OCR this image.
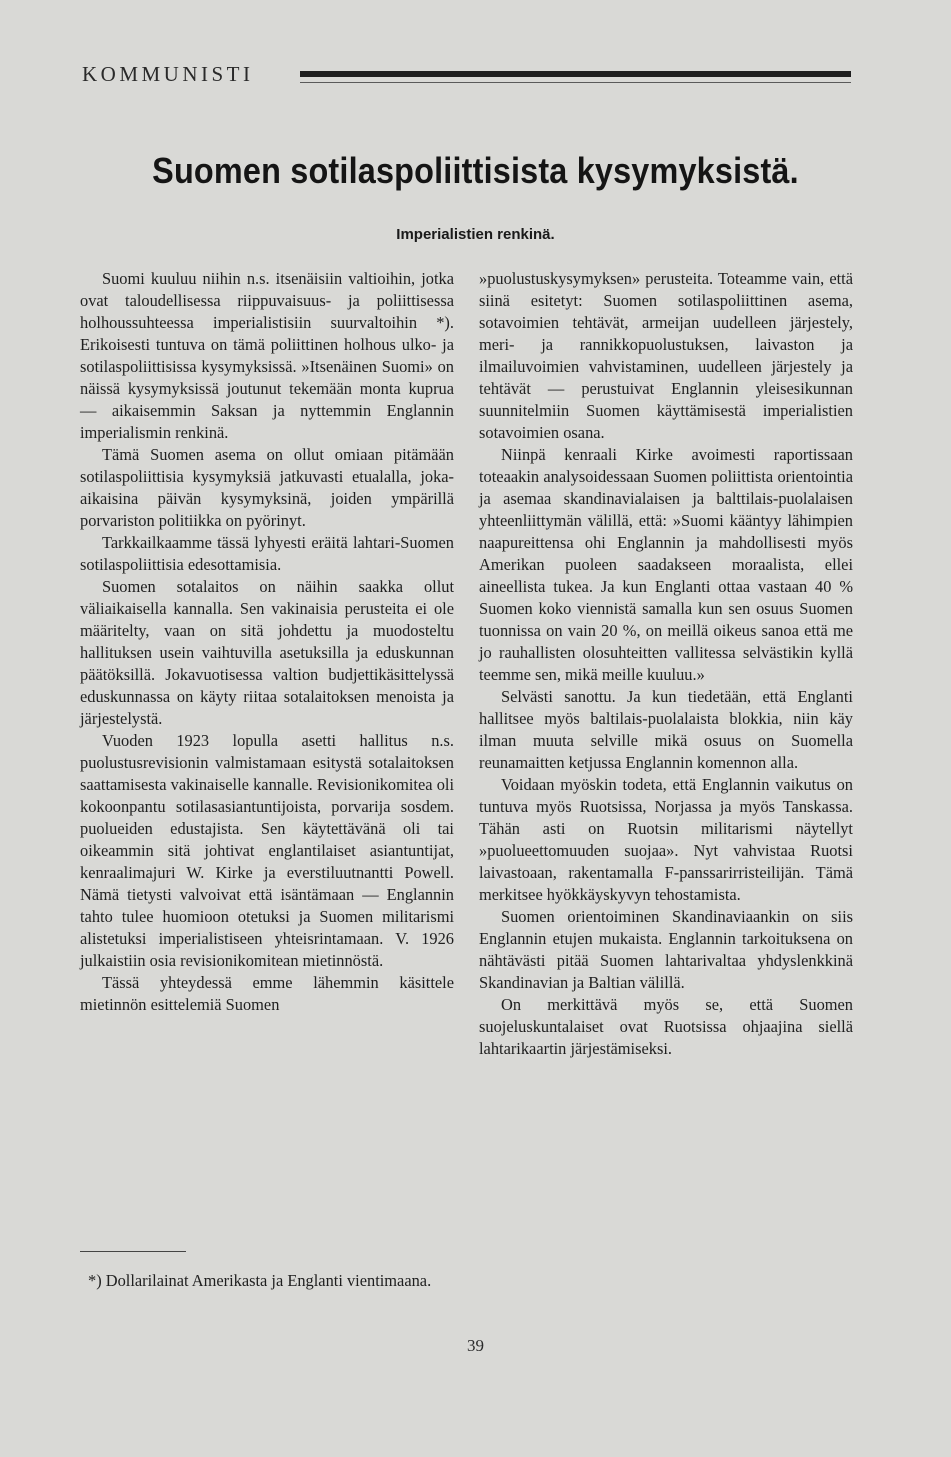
KOMMUNISTI
Suomen sotilaspoliittisista kysymyksistä.
Imperialistien renkinä.

Suomi kuuluu niihin n.s. itsenäisiin valtioihin, jotka ovat taloudellisessa riippuvaisuus- ja poliittisessa holhoussuhteessa imperialistisiin suurvaltoihin *). Erikoisesti tuntuva on tämä poliittinen holhous ulko- ja sotilaspoliittisissa kysymyksissä. »Itsenäinen Suomi» on näissä kysymyksissä joutunut tekemään monta kuprua — aikaisemmin Saksan ja nyttemmin Englannin imperialismin renkinä.

Tämä Suomen asema on ollut omiaan pitämään sotilaspoliittisia kysymyksiä jatkuvasti etualalla, joka-aikaisina päivän kysymyksinä, joiden ympärillä porvariston politiikka on pyörinyt.

Tarkkailkaamme tässä lyhyesti eräitä lahtari-Suomen sotilaspoliittisia edesottamisia.

Suomen sotalaitos on näihin saakka ollut väliaikaisella kannalla. Sen vakinaisia perusteita ei ole määritelty, vaan on sitä johdettu ja muodosteltu hallituksen usein vaihtuvilla asetuksilla ja eduskunnan päätöksillä. Jokavuotisessa valtion budjettikäsittelyssä eduskunnassa on käyty riitaa sotalaitoksen menoista ja järjestelystä.

Vuoden 1923 lopulla asetti hallitus n.s. puolustusrevisionin valmistamaan esitystä sotalaitoksen saattamisesta vakinaiselle kannalle. Revisionikomitea oli kokoonpantu sotilasasiantuntijoista, porvarija sosdem. puolueiden edustajista. Sen käytettävänä oli tai oikeammin sitä johtivat englantilaiset asiantuntijat, kenraalimajuri W. Kirke ja everstiluutnantti Powell. Nämä tietysti valvoivat että isäntämaan — Englannin tahto tulee huomioon otetuksi ja Suomen militarismi alistetuksi imperialistiseen yhteisrintamaan. V. 1926 julkaistiin osia revisionikomitean mietinnöstä.

Tässä yhteydessä emme lähemmin käsittele mietinnön esittelemiä Suomen

»puolustuskysymyksen» perusteita. Toteamme vain, että siinä esitetyt: Suomen sotilaspoliittinen asema, sotavoimien tehtävät, armeijan uudelleen järjestely, meri- ja rannikkopuolustuksen, laivaston ja ilmailuvoimien vahvistaminen, uudelleen järjestely ja tehtävät — perustuivat Englannin yleisesikunnan suunnitelmiin Suomen käyttämisestä imperialistien sotavoimien osana.

Niinpä kenraali Kirke avoimesti raportissaan toteaakin analysoidessaan Suomen poliittista orientointia ja asemaa skandinavialaisen ja balttilais-puolalaisen yhteenliittymän välillä, että: »Suomi kääntyy lähimpien naapureittensa ohi Englannin ja mahdollisesti myös Amerikan puoleen saadakseen moraalista, ellei aineellista tukea. Ja kun Englanti ottaa vastaan 40 % Suomen koko viennistä samalla kun sen osuus Suomen tuonnissa on vain 20 %, on meillä oikeus sanoa että me jo rauhallisten olosuhteitten vallitessa selvästikin kyllä teemme sen, mikä meille kuuluu.»

Selvästi sanottu. Ja kun tiedetään, että Englanti hallitsee myös baltilais-puolalaista blokkia, niin käy ilman muuta selville mikä osuus on Suomella reunamaitten ketjussa Englannin komennon alla.

Voidaan myöskin todeta, että Englannin vaikutus on tuntuva myös Ruotsissa, Norjassa ja myös Tanskassa. Tähän asti on Ruotsin militarismi näytellyt »puolueettomuuden suojaa». Nyt vahvistaa Ruotsi laivastoaan, rakentamalla F-panssarirristeilijän. Tämä merkitsee hyökkäyskyvyn tehostamista.

Suomen orientoiminen Skandinaviaankin on siis Englannin etujen mukaista. Englannin tarkoituksena on nähtävästi pitää Suomen lahtarivaltaa yhdyslenkkinä Skandinavian ja Baltian välillä.

On merkittävä myös se, että Suomen suojeluskuntalaiset ovat Ruotsissa ohjaajina siellä lahtarikaartin järjestämiseksi.

*) Dollarilainat Amerikasta ja Englanti vientimaana.
39
